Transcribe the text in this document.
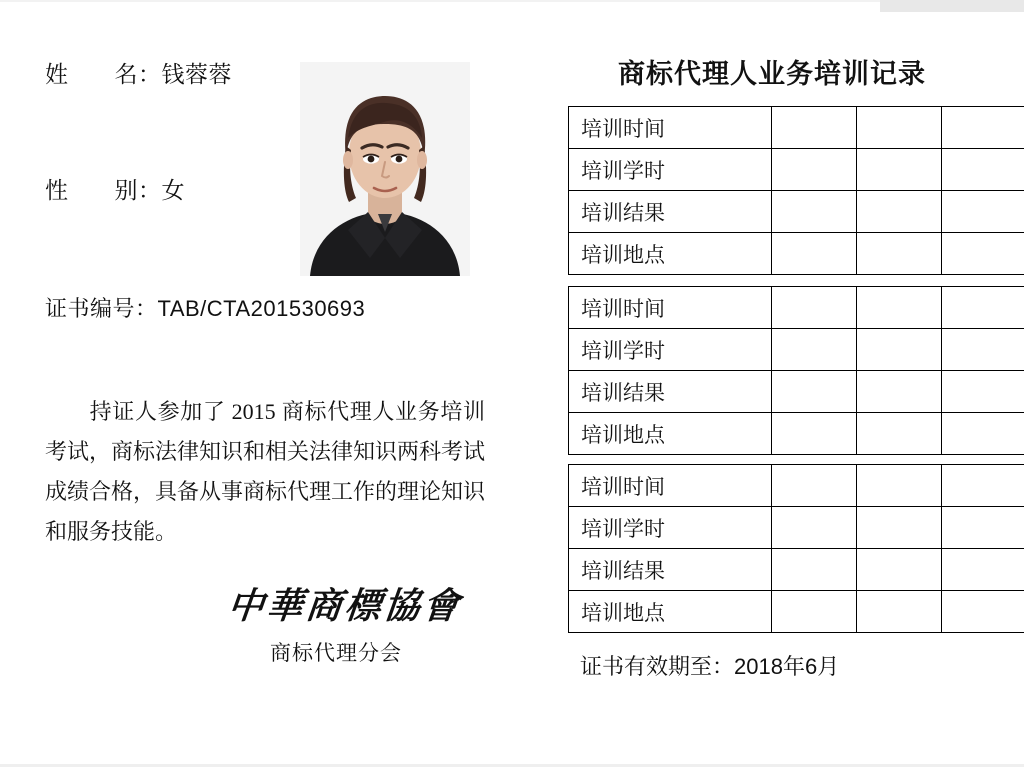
姓 名：钱蓉蓉
性 别：女
证书编号：TAB/CTA201530693
持证人参加了 2015 商标代理人业务培训考试，商标法律知识和相关法律知识两科考试成绩合格，具备从事商标代理工作的理论知识和服务技能。
中華商標協會
商标代理分会
商标代理人业务培训记录
培训时间			
培训学时			
培训结果			
培训地点			
培训时间			
培训学时			
培训结果			
培训地点			
培训时间			
培训学时			
培训结果			
培训地点			
证书有效期至：2018年6月
